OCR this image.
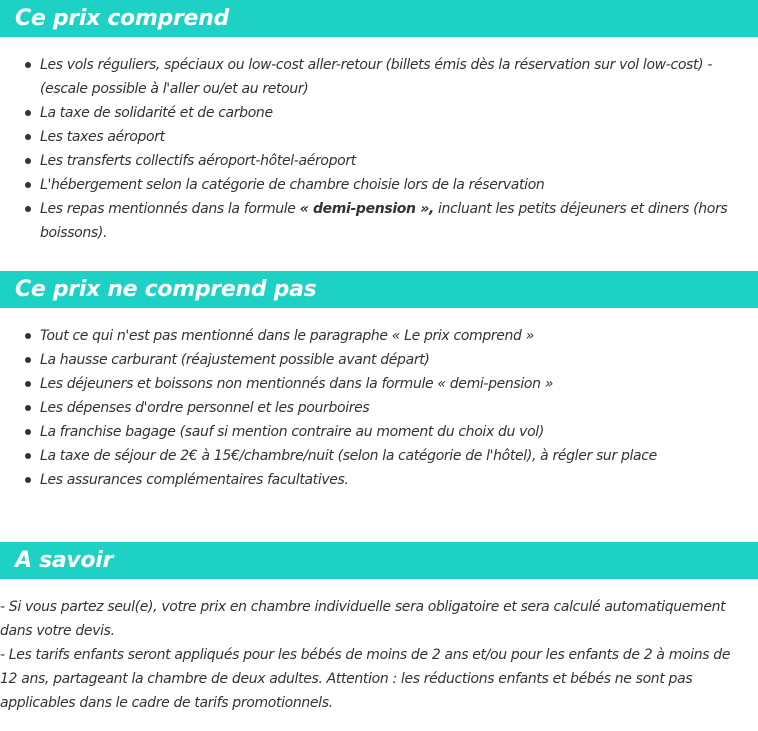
Ce prix comprend
Les vols réguliers, spéciaux ou low-cost aller-retour (billets émis dès la réservation sur vol low-cost) - (escale possible à l'aller ou/et au retour)
La taxe de solidarité et de carbone
Les taxes aéroport
Les transferts collectifs aéroport-hôtel-aéroport
L'hébergement selon la catégorie de chambre choisie lors de la réservation
Les repas mentionnés dans la formule « demi-pension », incluant les petits déjeuners et diners (hors boissons).
Ce prix ne comprend pas
Tout ce qui n'est pas mentionné dans le paragraphe « Le prix comprend »
La hausse carburant (réajustement possible avant départ)
Les déjeuners et boissons non mentionnés dans la formule « demi-pension »
Les dépenses d'ordre personnel et les pourboires
La franchise bagage (sauf si mention contraire au moment du choix du vol)
La taxe de séjour de 2€ à 15€/chambre/nuit (selon la catégorie de l'hôtel), à régler sur place
Les assurances complémentaires facultatives.
A savoir

- Si vous partez seul(e), votre prix en chambre individuelle sera obligatoire et sera calculé automatiquement dans votre devis.

- Les tarifs enfants seront appliqués pour les bébés de moins de 2 ans et/ou pour les enfants de 2 à moins de 12 ans, partageant la chambre de deux adultes. Attention : les réductions enfants et bébés ne sont pas applicables dans le cadre de tarifs promotionnels.
